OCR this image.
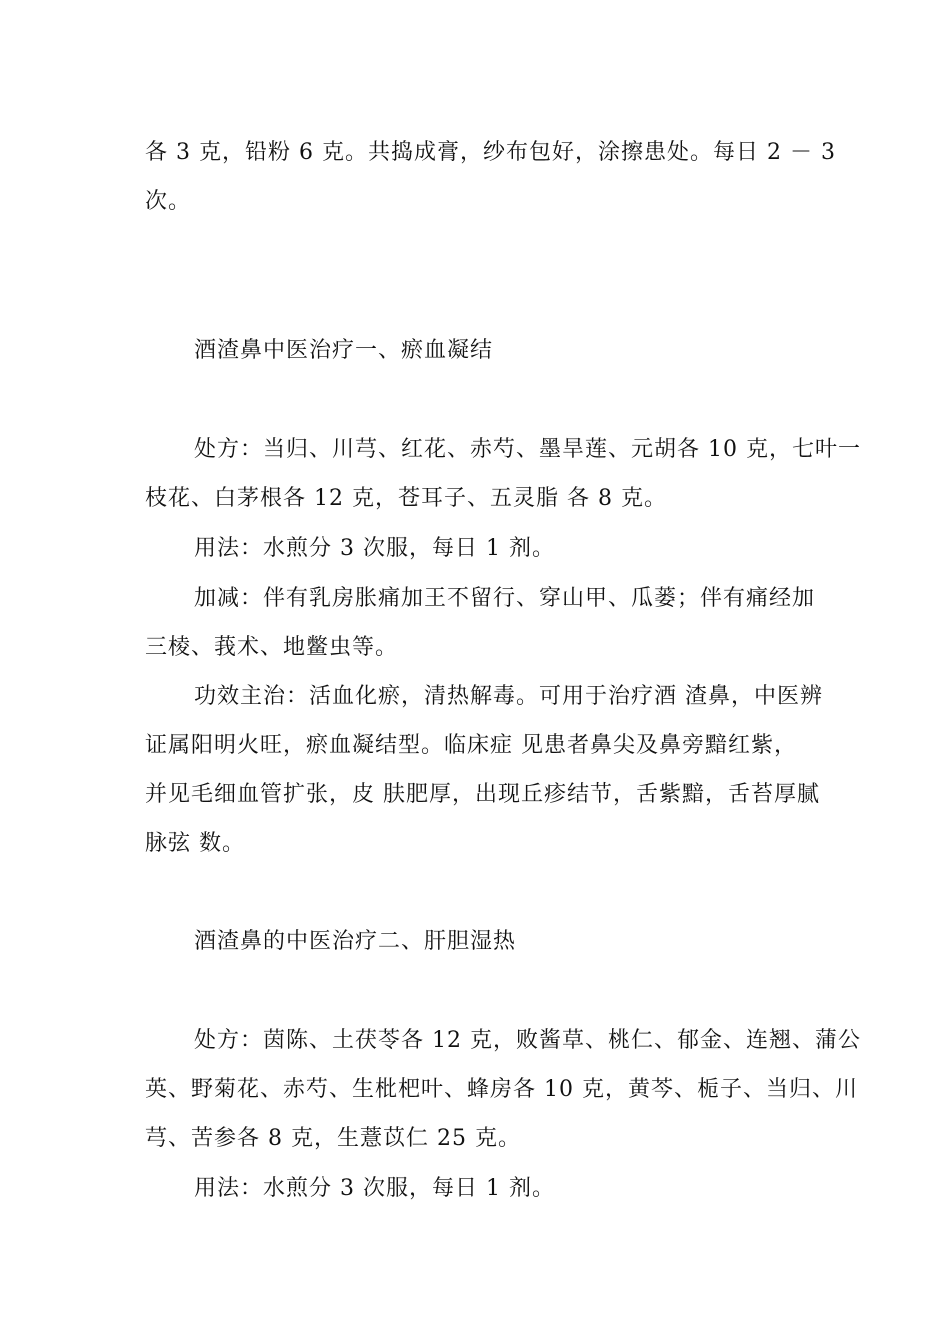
各 3 克，铅粉 6 克。共捣成膏，纱布包好，涂擦患处。每日 2 － 3
次。
酒渣鼻中医治疗一、瘀血凝结
处方：当归、川芎、红花、赤芍、墨旱莲、元胡各 10 克，七叶一
枝花、白茅根各 12 克，苍耳子、五灵脂 各 8 克。
用法：水煎分 3 次服，每日 1 剂。
加减：伴有乳房胀痛加王不留行、穿山甲、瓜蒌；伴有痛经加
三棱、莪术、地鳖虫等。
功效主治：活血化瘀，清热解毒。可用于治疗酒 渣鼻，中医辨
证属阳明火旺，瘀血凝结型。临床症 见患者鼻尖及鼻旁黯红紫，
并见毛细血管扩张，皮 肤肥厚，出现丘疹结节，舌紫黯，舌苔厚腻
脉弦 数。
酒渣鼻的中医治疗二、肝胆湿热
处方：茵陈、土茯苓各 12 克，败酱草、桃仁、郁金、连翘、蒲公
英、野菊花、赤芍、生枇杷叶、蜂房各 10 克，黄芩、栀子、当归、川
芎、苦参各 8 克，生薏苡仁 25 克。
用法：水煎分 3 次服，每日 1 剂。
